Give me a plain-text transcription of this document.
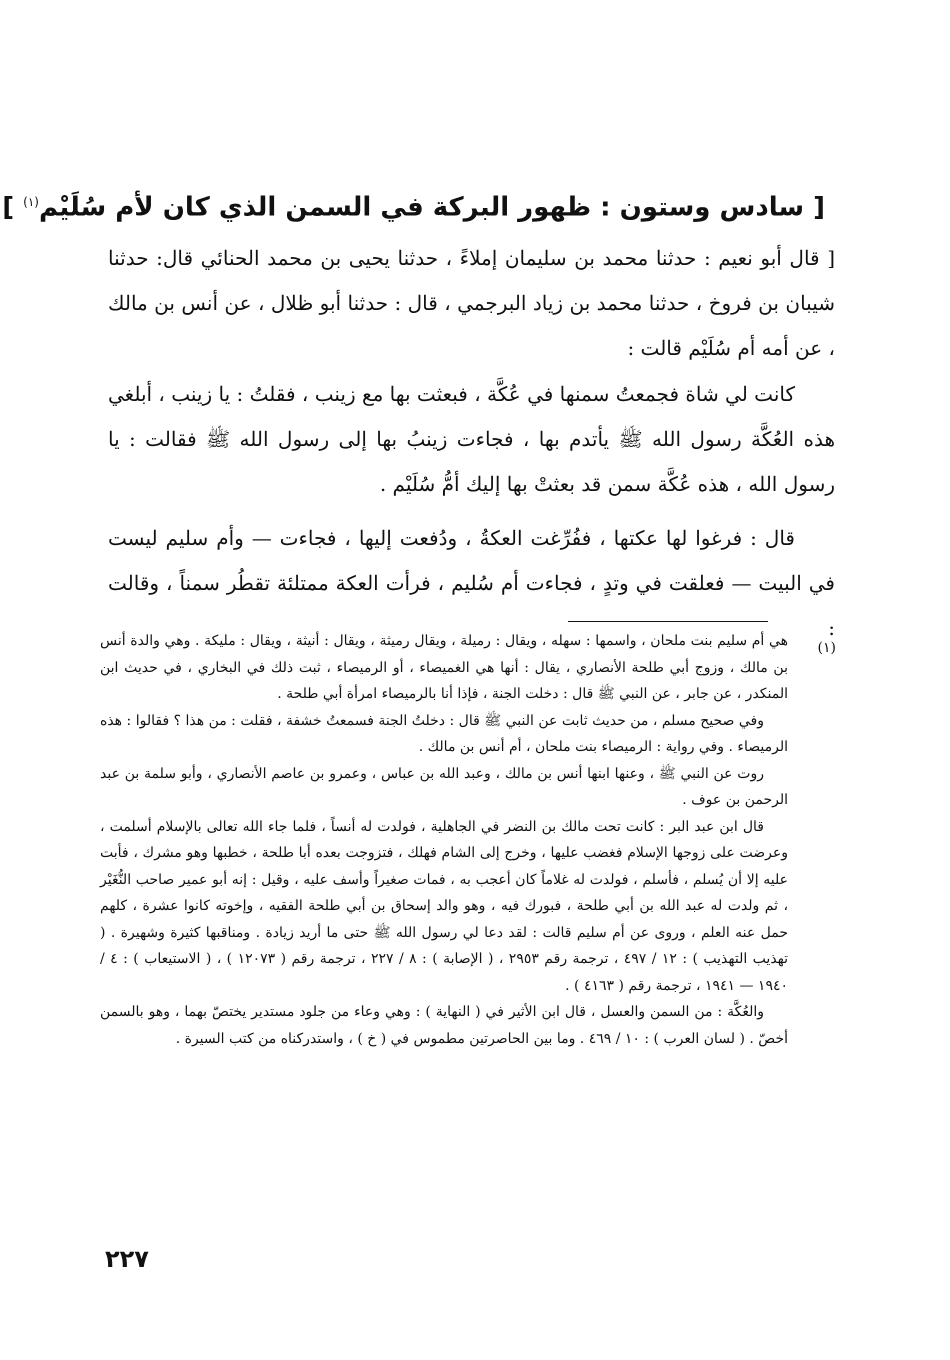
[ سادس وستون : ظهور البركة في السمن الذي كان لأم سُلَيْم$^{(١)}$ ]

[ قال أبو نعيم : حدثنا محمد بن سليمان إملاءً ، حدثنا يحيى بن محمد الحنائي قال: حدثنا شيبان بن فروخ ، حدثنا محمد بن زياد البرجمي ، قال : حدثنا أبو ظلال ، عن أنس بن مالك ، عن أمه أم سُلَيْم قالت :

كانت لي شاة فجمعتُ سمنها في عُكَّة ، فبعثت بها مع زينب ، فقلتُ : يا زينب ، أبلغي هذه العُكَّة رسول الله ﷺ يأتدم بها ، فجاءت زينبُ بها إلى رسول الله ﷺ فقالت : يا رسول الله ، هذه عُكَّة سمن قد بعثتْ بها إليك أمُّ سُلَيْم .

قال : فرغوا لها عكتها ، ففُرِّغت العكةُ ، ودُفعت إليها ، فجاءت — وأم سليم ليست في البيت — فعلقت في وتدٍ ، فجاءت أم سُليم ، فرأت العكة ممتلئة تقطُر سمناً ، وقالت :

(١)

هي أم سليم بنت ملحان ، واسمها : سهله ، ويقال : رميلة ، ويقال رميثة ، ويقال : أنيثة ، ويقال : مليكة . وهي والدة أنس بن مالك ، وزوج أبي طلحة الأنصاري ، يقال : أنها هي الغميصاء ، أو الرميصاء ، ثبت ذلك في البخاري ، في حديث ابن المنكدر ، عن جابر ، عن النبي ﷺ قال : دخلت الجنة ، فإذا أنا بالرميصاء امرأة أبي طلحة .

وفي صحيح مسلم ، من حديث ثابت عن النبي ﷺ قال : دخلتُ الجنة فسمعتُ خشفة ، فقلت : من هذا ؟ فقالوا : هذه الرميصاء . وفي رواية : الرميصاء بنت ملحان ، أم أنس بن مالك .

روت عن النبي ﷺ ، وعنها ابنها أنس بن مالك ، وعبد الله بن عباس ، وعمرو بن عاصم الأنصاري ، وأبو سلمة بن عبد الرحمن بن عوف .

قال ابن عبد البر : كانت تحت مالك بن النضر في الجاهلية ، فولدت له أنساً ، فلما جاء الله تعالى بالإسلام أسلمت ، وعرضت على زوجها الإسلام فغضب عليها ، وخرج إلى الشام فهلك ، فتزوجت بعده أبا طلحة ، خطبها وهو مشرك ، فأبت عليه إلا أن يُسلم ، فأسلم ، فولدت له غلاماً كان أعجب به ، فمات صغيراً وأسف عليه ، وقيل : إنه أبو عمير صاحب النُّغَيْر ، ثم ولدت له عبد الله بن أبي طلحة ، فبورك فيه ، وهو والد إسحاق بن أبي طلحة الفقيه ، وإخوته كانوا عشرة ، كلهم حمل عنه العلم ، وروى عن أم سليم قالت : لقد دعا لي رسول الله ﷺ حتى ما أريد زيادة . ومناقبها كثيرة وشهيرة . ( تهذيب التهذيب ) : ١٢ / ٤٩٧ ، ترجمة رقم ٢٩٥٣ ، ( الإصابة ) : ٨ / ٢٢٧ ، ترجمة رقم ( ١٢٠٧٣ ) ، ( الاستيعاب ) : ٤ / ١٩٤٠ — ١٩٤١ ، ترجمة رقم ( ٤١٦٣ ) .

والعُكَّة : من السمن والعسل ، قال ابن الأثير في ( النهاية ) : وهي وعاء من جلود مستدير يختصّ بهما ، وهو بالسمن أخصّ . ( لسان العرب ) : ١٠ / ٤٦٩ . وما بين الحاصرتين مطموس في ( خ ) ، واستدركناه من كتب السيرة .

٢٢٧
